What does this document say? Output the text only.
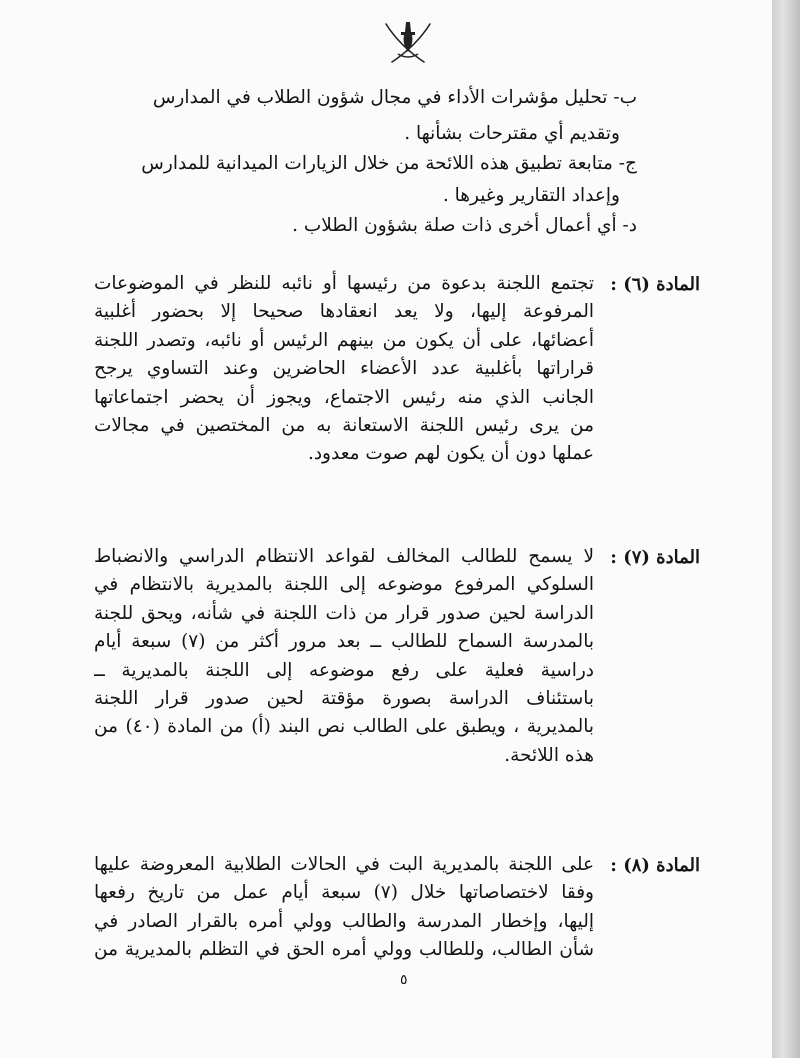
ب- تحليل مؤشرات الأداء في مجال شؤون الطلاب في المدارس
وتقديم أي مقترحات بشأنها .
ج- متابعة تطبيق هذه اللائحة من خلال الزيارات الميدانية للمدارس
وإعداد التقارير وغيرها .
د- أي أعمال أخرى ذات صلة بشؤون الطلاب .
المادة (٦) :
تجتمع اللجنة بدعوة من رئيسها أو نائبه للنظر في الموضوعات
المرفوعة إليها، ولا يعد انعقادها صحيحا إلا بحضور أغلبية
أعضائها، على أن يكون من بينهم الرئيس أو نائبه، وتصدر اللجنة
قراراتها بأغلبية عدد الأعضاء الحاضرين وعند التساوي يرجح
الجانب الذي منه رئيس الاجتماع، ويجوز أن يحضر اجتماعاتها
من يرى رئيس اللجنة الاستعانة به من المختصين في مجالات
عملها دون أن يكون لهم صوت معدود.
المادة (٧) :
لا يسمح للطالب المخالف لقواعد الانتظام الدراسي والانضباط
السلوكي المرفوع موضوعه إلى اللجنة بالمديرية بالانتظام في
الدراسة لحين صدور قرار من ذات اللجنة في شأنه، ويحق للجنة
بالمدرسة السماح للطالب ــ بعد مرور أكثر من (٧) سبعة أيام
دراسية فعلية على رفع موضوعه إلى اللجنة بالمديرية ــ
باستئناف الدراسة بصورة مؤقتة لحين صدور قرار اللجنة
بالمديرية ، ويطبق على الطالب نص البند (أ) من المادة (٤٠) من
هذه اللائحة.
المادة (٨) :
على اللجنة بالمديرية البت في الحالات الطلابية المعروضة عليها
وفقا لاختصاصاتها خلال (٧) سبعة أيام عمل من تاريخ رفعها
إليها، وإخطار المدرسة والطالب وولي أمره بالقرار الصادر في
شأن الطالب، وللطالب وولي أمره الحق في التظلم بالمديرية من
٥
